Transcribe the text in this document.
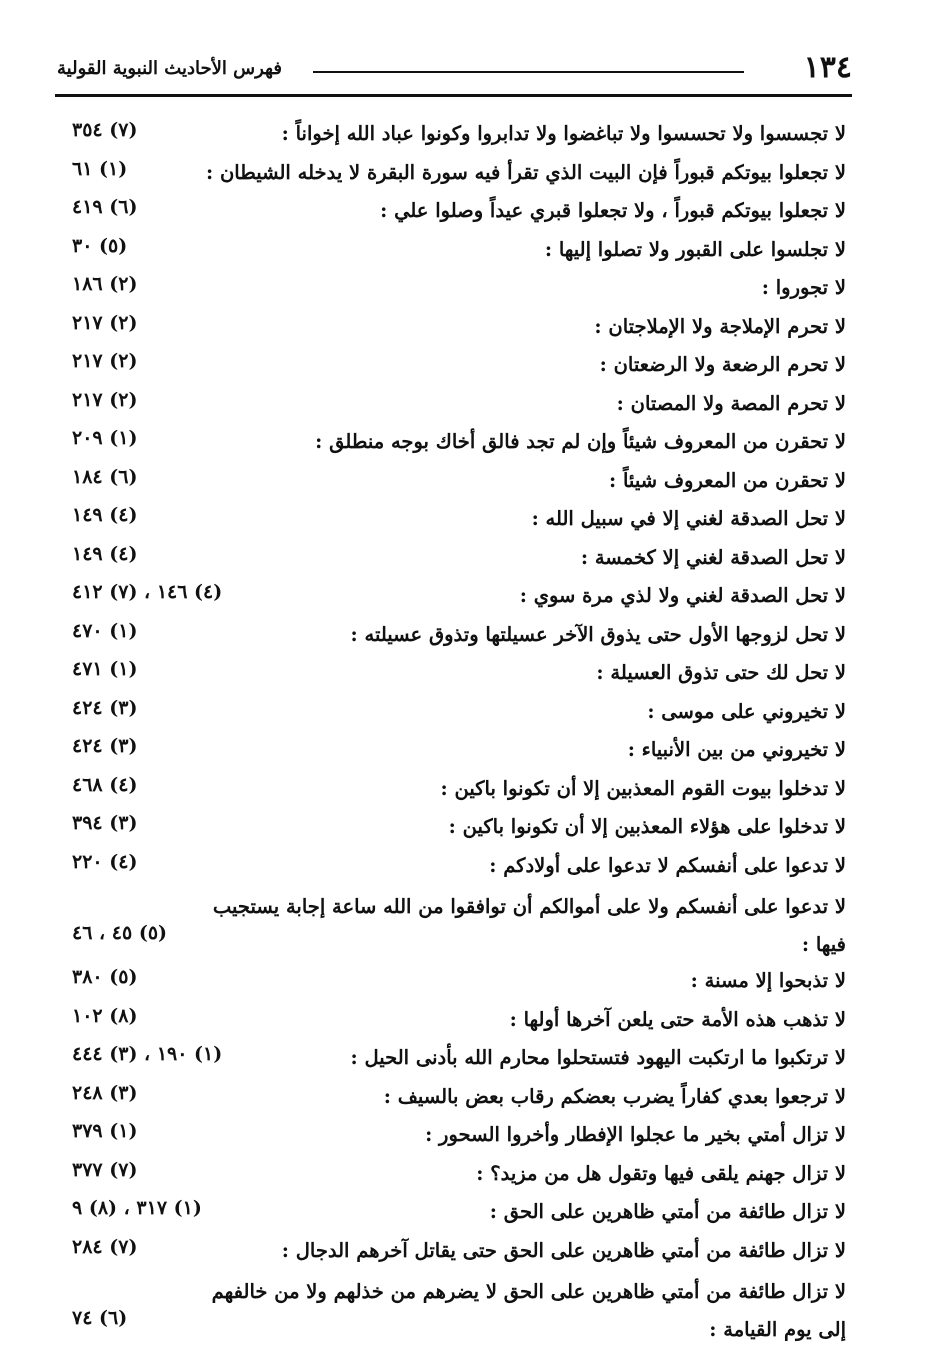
١٣٤
فهرس الأحاديث النبوية القولية
لا تجسسوا ولا تحسسوا ولا تباغضوا ولا تدابروا وكونوا عباد الله إخواناً :
(٧) ٣٥٤
لا تجعلوا بيوتكم قبوراً فإن البيت الذي تقرأ فيه سورة البقرة لا يدخله الشيطان :
(١) ٦١
لا تجعلوا بيوتكم قبوراً ، ولا تجعلوا قبري عيداً وصلوا علي :
(٦) ٤١٩
لا تجلسوا على القبور ولا تصلوا إليها :
(٥) ٣٠
لا تجوروا :
(٢) ١٨٦
لا تحرم الإملاجة ولا الإملاجتان :
(٢) ٢١٧
لا تحرم الرضعة ولا الرضعتان :
(٢) ٢١٧
لا تحرم المصة ولا المصتان :
(٢) ٢١٧
لا تحقرن من المعروف شيئاً وإن لم تجد فالق أخاك بوجه منطلق :
(١) ٢٠٩
لا تحقرن من المعروف شيئاً :
(٦) ١٨٤
لا تحل الصدقة لغني إلا في سبيل الله :
(٤) ١٤٩
لا تحل الصدقة لغني إلا كخمسة :
(٤) ١٤٩
لا تحل الصدقة لغني ولا لذي مرة سوي :
(٤) ١٤٦ ، (٧) ٤١٢
لا تحل لزوجها الأول حتى يذوق الآخر عسيلتها وتذوق عسيلته :
(١) ٤٧٠
لا تحل لك حتى تذوق العسيلة :
(١) ٤٧١
لا تخيروني على موسى :
(٣) ٤٢٤
لا تخيروني من بين الأنبياء :
(٣) ٤٢٤
لا تدخلوا بيوت القوم المعذبين إلا أن تكونوا باكين :
(٤) ٤٦٨
لا تدخلوا على هؤلاء المعذبين إلا أن تكونوا باكين :
(٣) ٣٩٤
لا تدعوا على أنفسكم لا تدعوا على أولادكم :
(٤) ٢٢٠
لا تدعوا على أنفسكم ولا على أموالكم أن توافقوا من الله ساعة إجابة يستجيب فيها :
(٥) ٤٥ ، ٤٦
لا تذبحوا إلا مسنة :
(٥) ٣٨٠
لا تذهب هذه الأمة حتى يلعن آخرها أولها :
(٨) ١٠٢
لا ترتكبوا ما ارتكبت اليهود فتستحلوا محارم الله بأدنى الحيل :
(١) ١٩٠ ، (٣) ٤٤٤
لا ترجعوا بعدي كفاراً يضرب بعضكم رقاب بعض بالسيف :
(٣) ٢٤٨
لا تزال أمتي بخير ما عجلوا الإفطار وأخروا السحور :
(١) ٣٧٩
لا تزال جهنم يلقى فيها وتقول هل من مزيد؟ :
(٧) ٣٧٧
لا تزال طائفة من أمتي ظاهرين على الحق :
(١) ٣١٧ ، (٨) ٩
لا تزال طائفة من أمتي ظاهرين على الحق حتى يقاتل آخرهم الدجال :
(٧) ٢٨٤
لا تزال طائفة من أمتي ظاهرين على الحق لا يضرهم من خذلهم ولا من خالفهم إلى يوم القيامة :
(٦) ٧٤
